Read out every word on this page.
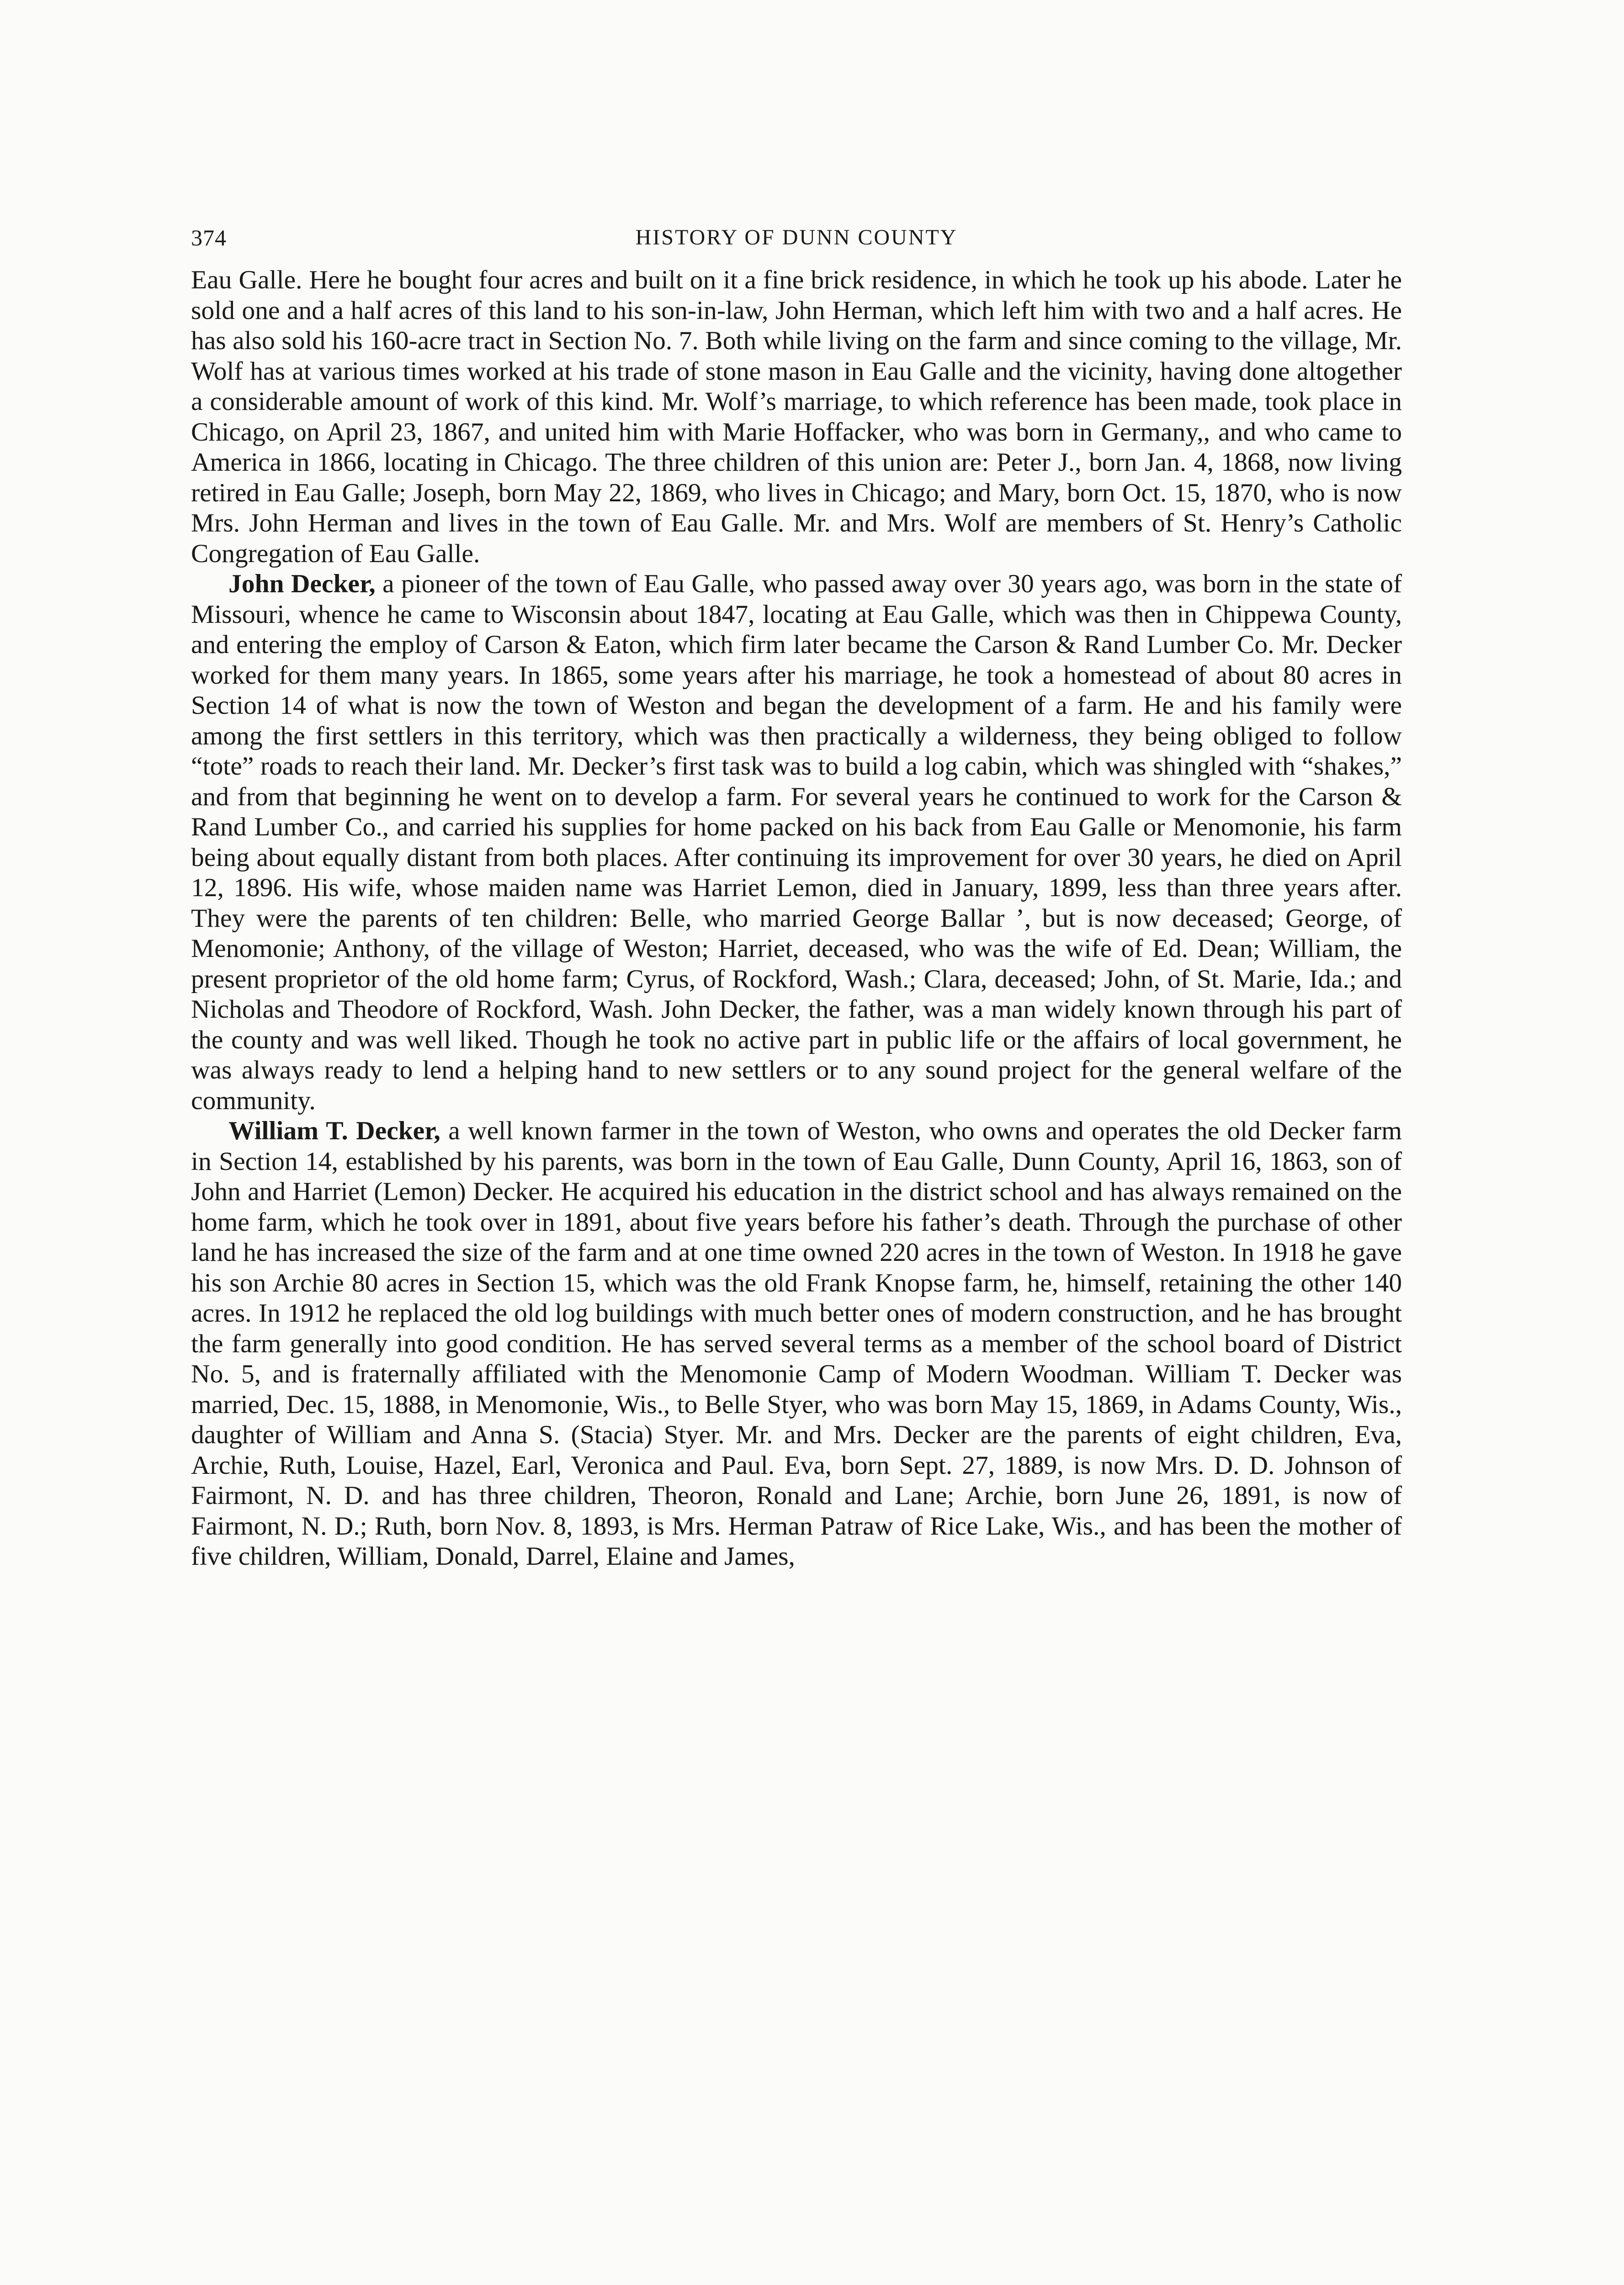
374	HISTORY OF DUNN COUNTY

Eau Galle. Here he bought four acres and built on it a fine brick residence, in which he took up his abode. Later he sold one and a half acres of this land to his son-in-law, John Herman, which left him with two and a half acres. He has also sold his 160-acre tract in Section No. 7. Both while living on the farm and since coming to the village, Mr. Wolf has at various times worked at his trade of stone mason in Eau Galle and the vicinity, having done altogether a considerable amount of work of this kind. Mr. Wolf’s marriage, to which reference has been made, took place in Chicago, on April 23, 1867, and united him with Marie Hoffacker, who was born in Germany,, and who came to America in 1866, locating in Chicago. The three children of this union are: Peter J., born Jan. 4, 1868, now living retired in Eau Galle; Joseph, born May 22, 1869, who lives in Chicago; and Mary, born Oct. 15, 1870, who is now Mrs. John Herman and lives in the town of Eau Galle. Mr. and Mrs. Wolf are members of St. Henry’s Catholic Congregation of Eau Galle.

John Decker, a pioneer of the town of Eau Galle, who passed away over 30 years ago, was born in the state of Missouri, whence he came to Wisconsin about 1847, locating at Eau Galle, which was then in Chippewa County, and entering the employ of Carson & Eaton, which firm later became the Carson & Rand Lumber Co. Mr. Decker worked for them many years. In 1865, some years after his marriage, he took a homestead of about 80 acres in Section 14 of what is now the town of Weston and began the development of a farm. He and his family were among the first settlers in this territory, which was then practically a wilderness, they being obliged to follow “tote” roads to reach their land. Mr. Decker’s first task was to build a log cabin, which was shingled with “shakes,” and from that beginning he went on to develop a farm. For several years he continued to work for the Carson & Rand Lumber Co., and carried his supplies for home packed on his back from Eau Galle or Menomonie, his farm being about equally distant from both places. After continuing its improvement for over 30 years, he died on April 12, 1896. His wife, whose maiden name was Harriet Lemon, died in January, 1899, less than three years after. They were the parents of ten children: Belle, who married George Ballar ’, but is now deceased; George, of Menomonie; Anthony, of the village of Weston; Harriet, deceased, who was the wife of Ed. Dean; William, the present proprietor of the old home farm; Cyrus, of Rockford, Wash.; Clara, deceased; John, of St. Marie, Ida.; and Nicholas and Theodore of Rockford, Wash. John Decker, the father, was a man widely known through his part of the county and was well liked. Though he took no active part in public life or the affairs of local government, he was always ready to lend a helping hand to new settlers or to any sound project for the general welfare of the community.

William T. Decker, a well known farmer in the town of Weston, who owns and operates the old Decker farm in Section 14, established by his parents, was born in the town of Eau Galle, Dunn County, April 16, 1863, son of John and Harriet (Lemon) Decker. He acquired his education in the district school and has always remained on the home farm, which he took over in 1891, about five years before his father’s death. Through the purchase of other land he has increased the size of the farm and at one time owned 220 acres in the town of Weston. In 1918 he gave his son Archie 80 acres in Section 15, which was the old Frank Knopse farm, he, himself, retaining the other 140 acres. In 1912 he replaced the old log buildings with much better ones of modern construction, and he has brought the farm generally into good condition. He has served several terms as a member of the school board of District No. 5, and is fraternally affiliated with the Menomonie Camp of Modern Woodman. William T. Decker was married, Dec. 15, 1888, in Menomonie, Wis., to Belle Styer, who was born May 15, 1869, in Adams County, Wis., daughter of William and Anna S. (Stacia) Styer. Mr. and Mrs. Decker are the parents of eight children, Eva, Archie, Ruth, Louise, Hazel, Earl, Veronica and Paul. Eva, born Sept. 27, 1889, is now Mrs. D. D. Johnson of Fairmont, N. D. and has three children, Theoron, Ronald and Lane; Archie, born June 26, 1891, is now of Fairmont, N. D.; Ruth, born Nov. 8, 1893, is Mrs. Herman Patraw of Rice Lake, Wis., and has been the mother of five children, William, Donald, Darrel, Elaine and James,
